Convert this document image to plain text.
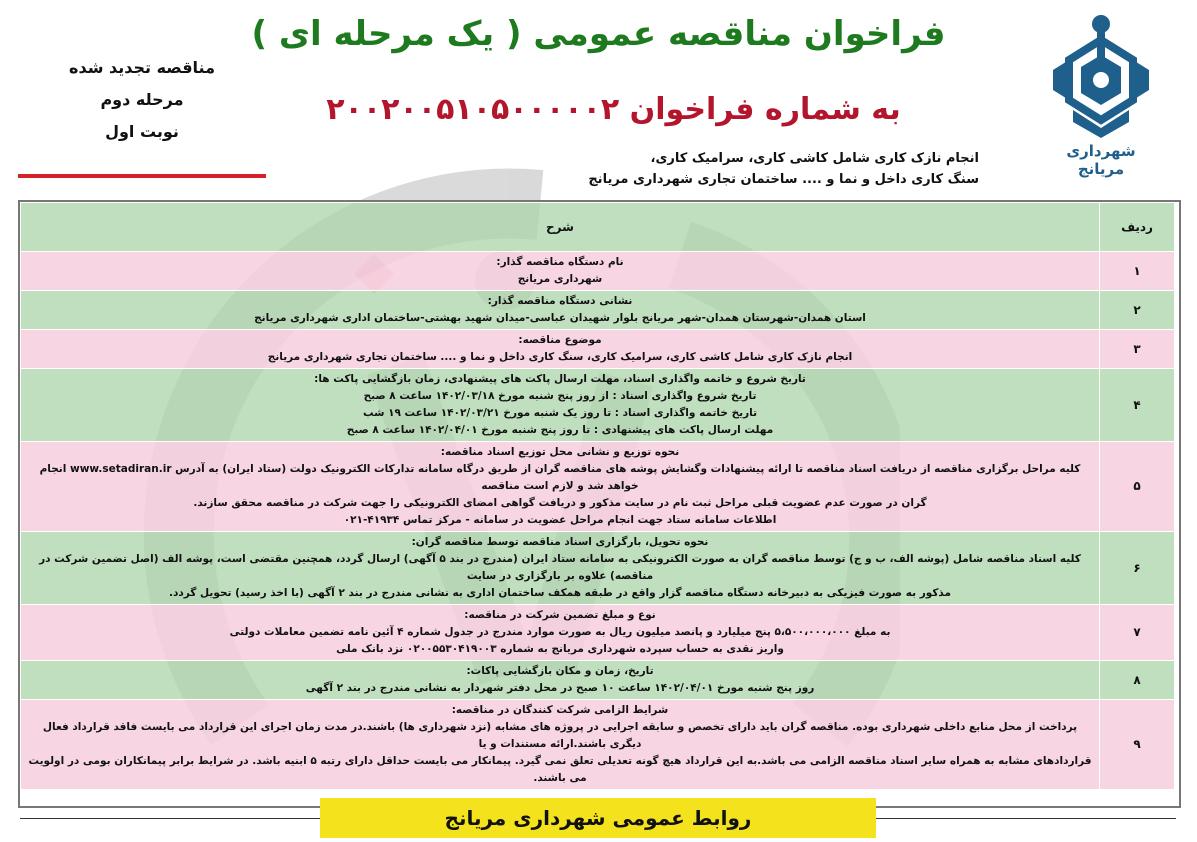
شهرداری
مریانج
فراخوان مناقصه عمومی ( یک مرحله ای )
به شماره فراخوان ۲۰۰۲۰۰۵۱۰۵۰۰۰۰۰۲
مناقصه تجدید شده
مرحله دوم
نوبت اول
انجام نازک کاری شامل کاشی کاری، سرامیک کاری،
سنگ کاری داخل و نما و .... ساختمان تجاری شهرداری مریانج
ردیف	شرح
۱	نام دستگاه مناقصه گذار:
شهرداری مریانج

۲	نشانی دستگاه مناقصه گذار:
استان همدان-شهرستان همدان-شهر مریانج بلوار شهیدان عباسی-میدان شهید بهشتی-ساختمان اداری شهرداری مریانج

۳	موضوع مناقصه:
انجام نازک کاری شامل کاشی کاری، سرامیک کاری، سنگ کاری داخل و نما و .... ساختمان تجاری شهرداری مریانج

۴	تاریخ شروع و خاتمه واگذاری اسناد، مهلت ارسال پاکت های پیشنهادی، زمان بازگشایی پاکت ها:
تاریخ شروع واگذاری اسناد : از روز پنج شنبه مورخ ۱۴۰۲/۰۳/۱۸ ساعت ۸ صبح
تاریخ خاتمه واگذاری اسناد : تا روز یک شنبه مورخ ۱۴۰۲/۰۳/۲۱ ساعت ۱۹ شب
مهلت ارسال پاکت های پیشنهادی : تا روز پنج شنبه مورخ ۱۴۰۲/۰۴/۰۱ ساعت ۸ صبح

۵	نحوه توزیع و نشانی محل توزیع اسناد مناقصه:
کلیه مراحل برگزاری مناقصه از دریافت اسناد مناقصه تا ارائه پیشنهادات وگشایش پوشه های مناقصه گران از طریق درگاه سامانه تدارکات الکترونیک دولت (ستاد ایران) به آدرس www.setadiran.ir انجام خواهد شد و لازم است مناقصه
گران در صورت عدم عضویت قبلی مراحل ثبت نام در سایت مذکور و دریافت گواهی امضای الکترونیکی را جهت شرکت در مناقصه محقق سازند.
اطلاعات سامانه ستاد جهت انجام مراحل عضویت در سامانه - مرکز تماس ۴۱۹۳۴-۰۲۱

۶	نحوه تحویل، بارگزاری اسناد مناقصه توسط مناقصه گران:
کلیه اسناد مناقصه شامل (پوشه الف، ب و ج) توسط مناقصه گران به صورت الکترونیکی به سامانه ستاد ایران (مندرج در بند ۵ آگهی) ارسال گردد، همچنین مقتضی است، پوشه الف (اصل تضمین شرکت در مناقصه) علاوه بر بارگزاری در سایت
مذکور به صورت فیزیکی به دبیرخانه دستگاه مناقصه گزار واقع در طبقه همکف ساختمان اداری به نشانی مندرج در بند ۲ آگهی (با اخذ رسید) تحویل گردد.

۷	نوع و مبلغ تضمین شرکت در مناقصه:
به مبلغ ۵،۵۰۰،۰۰۰،۰۰۰ پنج میلیارد و پانصد میلیون ریال به صورت موارد مندرج در جدول شماره ۴ آئین نامه تضمین معاملات دولتی
واریز نقدی به حساب سپرده شهرداری مریانج به شماره ۰۲۰۰۵۵۳۰۴۱۹۰۰۳ نزد بانک ملی

۸	تاریخ، زمان و مکان بازگشایی پاکات:
روز پنج شنبه مورخ ۱۴۰۲/۰۴/۰۱ ساعت ۱۰ صبح در محل دفتر شهردار به نشانی مندرج در بند ۲ آگهی

۹	شرایط الزامی شرکت کنندگان در مناقصه:
پرداخت از محل منابع داخلی شهرداری بوده. مناقصه گران باید دارای تخصص و سابقه اجرایی در پروژه های مشابه (نزد شهرداری ها) باشند.در مدت زمان اجرای این قرارداد می بایست فاقد قرارداد فعال دیگری باشند.ارائه مستندات و یا
قراردادهای مشابه به همراه سایر اسناد مناقصه الزامی می باشد.به این قرارداد هیچ گونه تعدیلی تعلق نمی گیرد. پیمانکار می بایست حداقل دارای رتبه ۵ ابنیه باشد. در شرایط برابر پیمانکاران بومی در اولویت می باشند.
روابط عمومی شهرداری مریانج
